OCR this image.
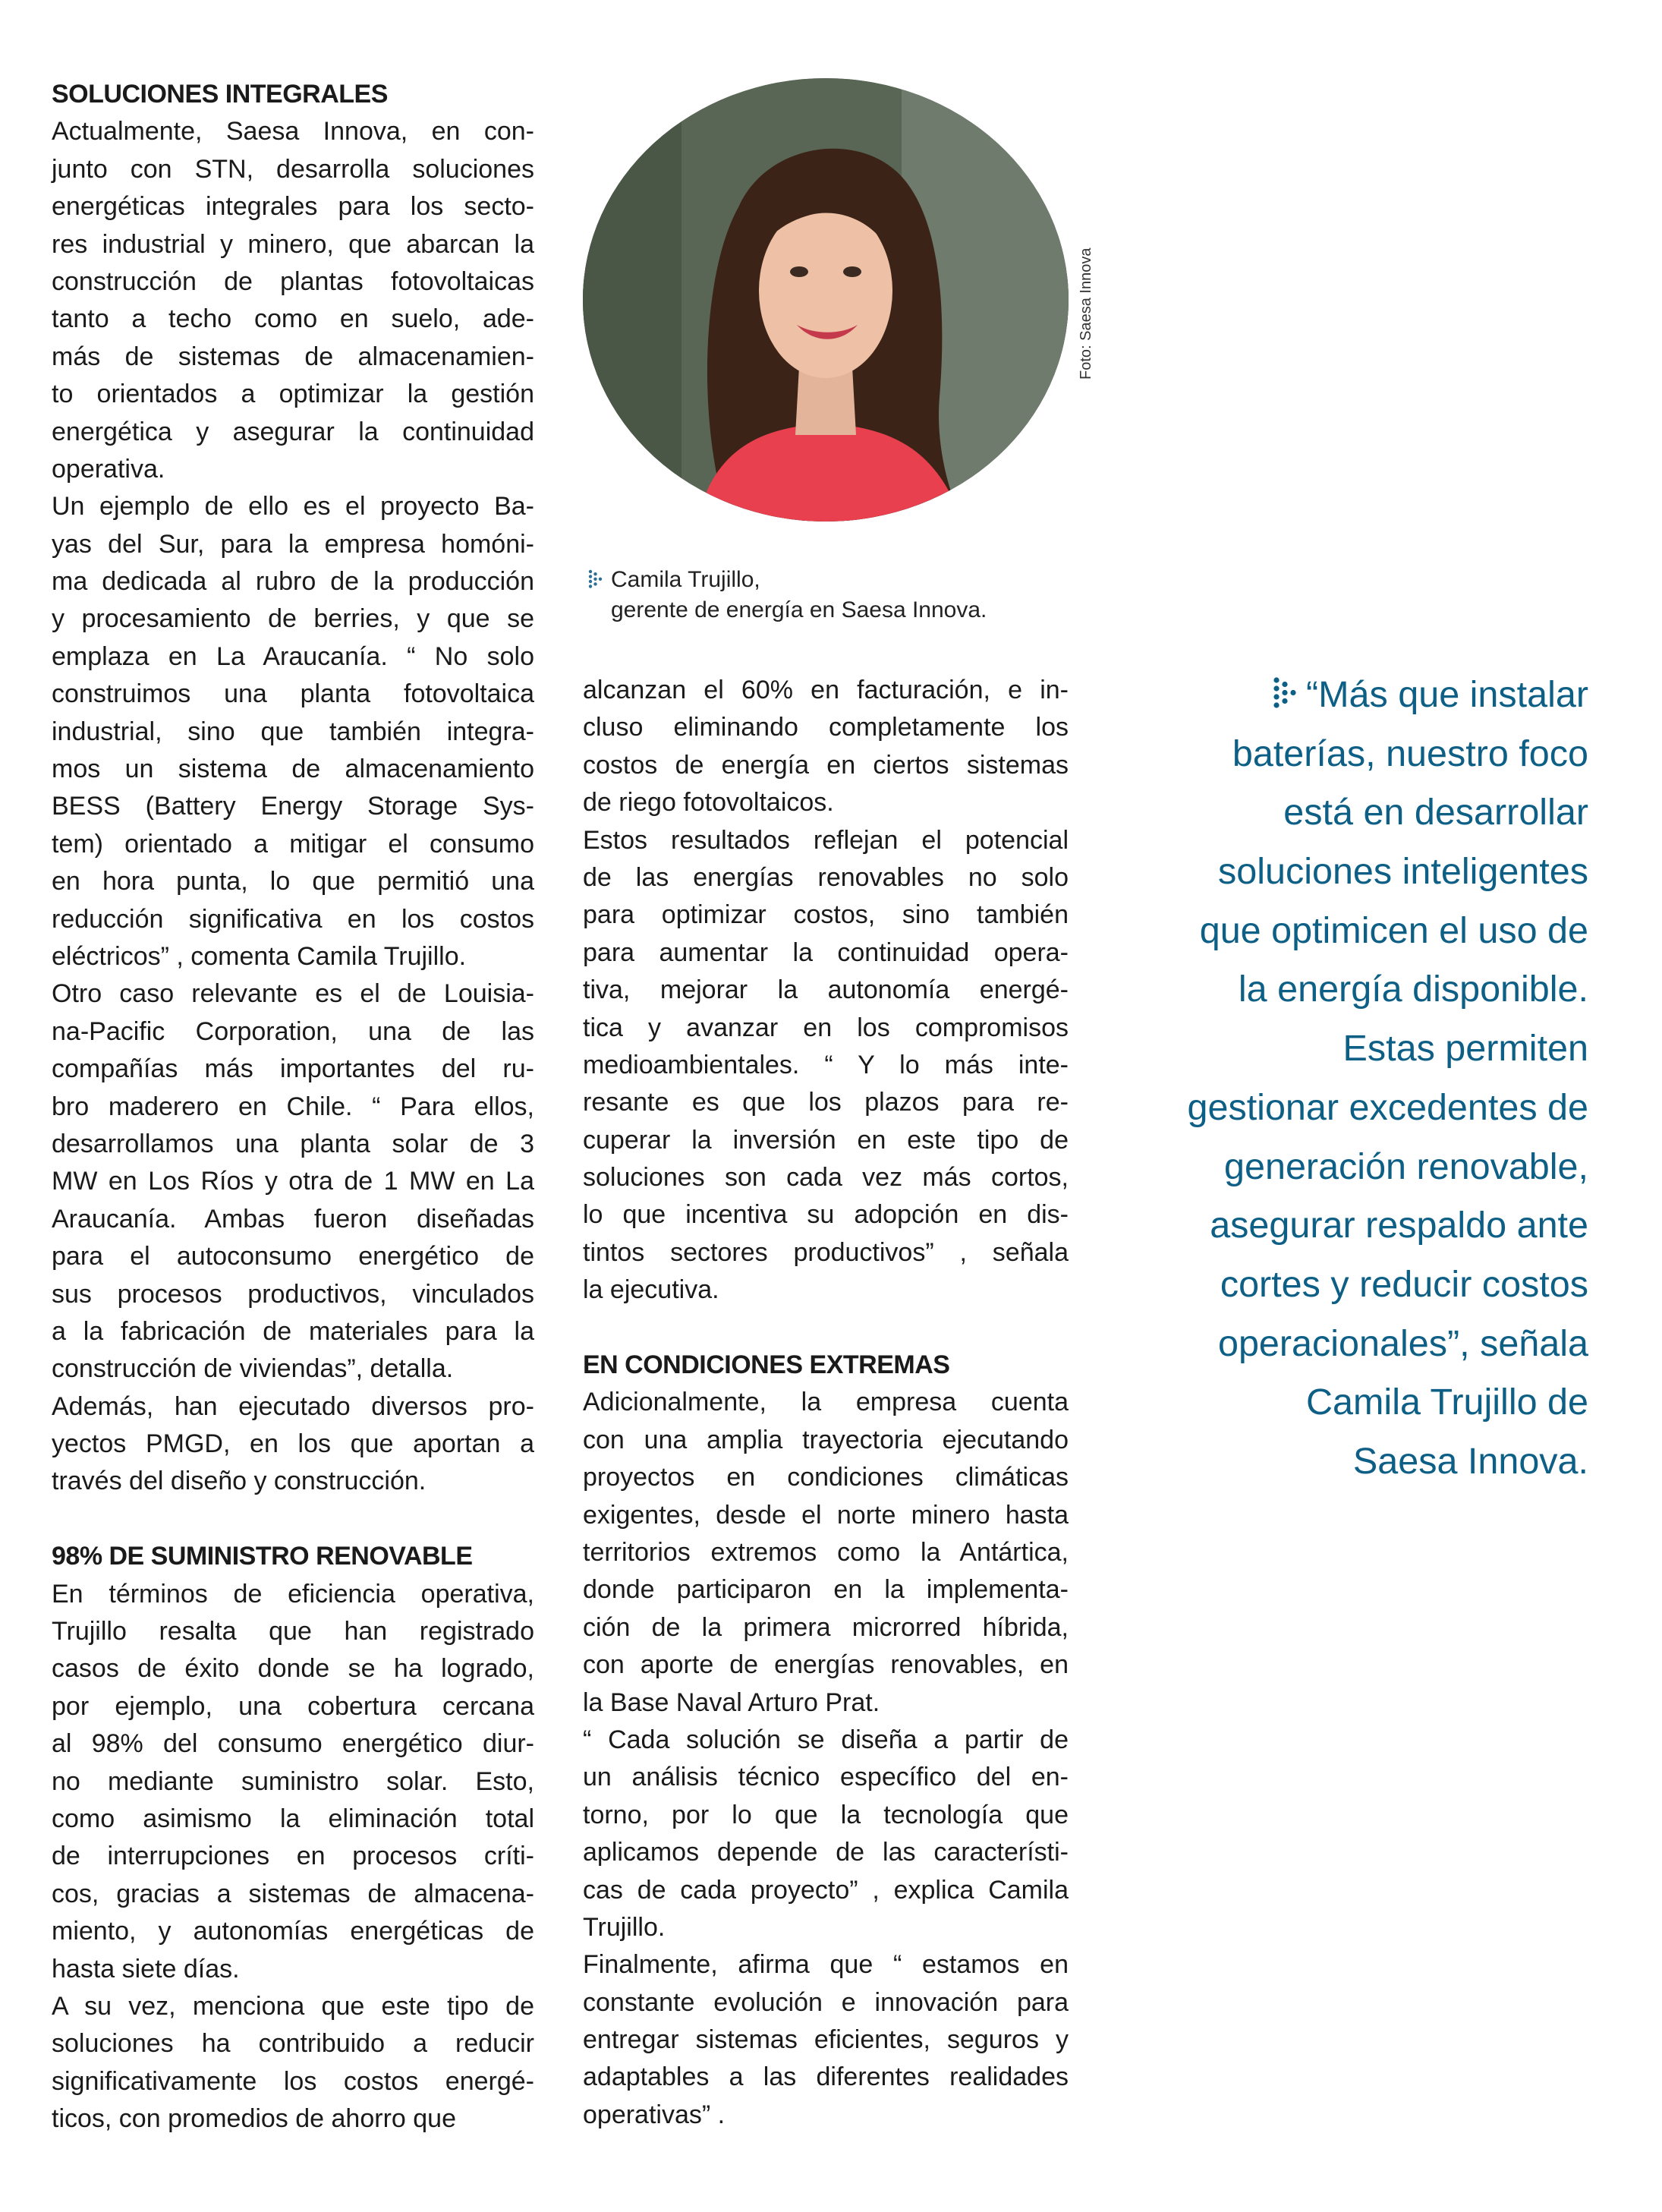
SOLUCIONES INTEGRALES
Actualmente, Saesa Innova, en con-
junto con STN, desarrolla soluciones
energéticas integrales para los secto-
res industrial y minero, que abarcan la
construcción de plantas fotovoltaicas
tanto a techo como en suelo, ade-
más de sistemas de almacenamien-
to orientados a optimizar la gestión
energética y asegurar la continuidad
operativa.
Un ejemplo de ello es el proyecto Ba-
yas del Sur, para la empresa homóni-
ma dedicada al rubro de la producción
y procesamiento de berries, y que se
emplaza en La Araucanía. “ No solo
construimos una planta fotovoltaica
industrial, sino que también integra-
mos un sistema de almacenamiento
BESS (Battery Energy Storage Sys-
tem) orientado a mitigar el consumo
en hora punta, lo que permitió una
reducción significativa en los costos
eléctricos” , comenta Camila Trujillo.
Otro caso relevante es el de Louisia-
na-Pacific Corporation, una de las
compañías más importantes del ru-
bro maderero en Chile. “ Para ellos,
desarrollamos una planta solar de 3
MW en Los Ríos y otra de 1 MW en La
Araucanía. Ambas fueron diseñadas
para el autoconsumo energético de
sus procesos productivos, vinculados
a la fabricación de materiales para la
construcción de viviendas”, detalla.
Además, han ejecutado diversos pro-
yectos PMGD, en los que aportan a
través del diseño y construcción.
98% DE SUMINISTRO RENOVABLE
En términos de eficiencia operativa,
Trujillo resalta que han registrado
casos de éxito donde se ha logrado,
por ejemplo, una cobertura cercana
al 98% del consumo energético diur-
no mediante suministro solar. Esto,
como asimismo la eliminación total
de interrupciones en procesos críti-
cos, gracias a sistemas de almacena-
miento, y autonomías energéticas de
hasta siete días.
A su vez, menciona que este tipo de
soluciones ha contribuido a reducir
significativamente los costos energé-
ticos, con promedios de ahorro que
Foto: Saesa Innova
Camila Trujillo,
gerente de energía en Saesa Innova.
alcanzan el 60% en facturación, e in-
cluso eliminando completamente los
costos de energía en ciertos sistemas
de riego fotovoltaicos.
Estos resultados reflejan el potencial
de las energías renovables no solo
para optimizar costos, sino también
para aumentar la continuidad opera-
tiva, mejorar la autonomía energé-
tica y avanzar en los compromisos
medioambientales. “ Y lo más inte-
resante es que los plazos para re-
cuperar la inversión en este tipo de
soluciones son cada vez más cortos,
lo que incentiva su adopción en dis-
tintos sectores productivos” , señala
la ejecutiva.
EN CONDICIONES EXTREMAS
Adicionalmente, la empresa cuenta
con una amplia trayectoria ejecutando
proyectos en condiciones climáticas
exigentes, desde el norte minero hasta
territorios extremos como la Antártica,
donde participaron en la implementa-
ción de la primera microrred híbrida,
con aporte de energías renovables, en
la Base Naval Arturo Prat.
“ Cada solución se diseña a partir de
un análisis técnico específico del en-
torno, por lo que la tecnología que
aplicamos depende de las característi-
cas de cada proyecto” , explica Camila
Trujillo.
Finalmente, afirma que “ estamos en
constante evolución e innovación para
entregar sistemas eficientes, seguros y
adaptables a las diferentes realidades
operativas” .
“Más que instalar
baterías, nuestro foco
está en desarrollar
soluciones inteligentes
que optimicen el uso de
la energía disponible.
Estas permiten
gestionar excedentes de
generación renovable,
asegurar respaldo ante
cortes y reducir costos
operacionales”, señala
Camila Trujillo de
Saesa Innova.
